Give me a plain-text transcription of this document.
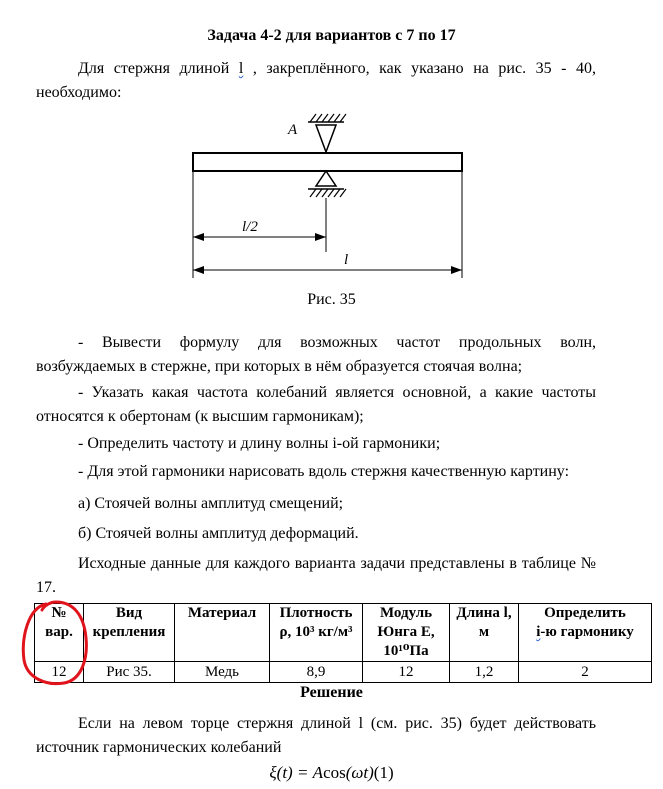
Задача 4-2 для вариантов с 7 по 17
Для стержня длиной l , закреплённого, как указано на рис. 35 - 40, необходимо:
A
l/2
l
Рис. 35
- Вывести формулу для возможных частот продольных волн, возбуждаемых в стержне, при которых в нём образуется стоячая волна;
- Указать какая частота колебаний является основной, а какие частоты относятся к обертонам (к высшим гармоникам);
- Определить частоту и длину волны i-ой гармоники;
- Для этой гармоники нарисовать вдоль стержня качественную картину:
а) Стоячей волны амплитуд смещений;
б) Стоячей волны амплитуд деформаций.
Исходные данные для каждого варианта задачи представлены в таблице № 17.
№ вар.	Вид крепления	Материал	Плотность ρ, 10³ кг/м³	Модуль Юнга E, 10¹⁰Па	Длина l, м	Определить
i-ю гармонику
12	Рис 35.	Медь	8,9	12	1,2	2
Решение
Если на левом торце стержня длиной l (см. рис. 35) будет действовать источник гармонических колебаний
ξ(t) = Acos(ωt)(1)
